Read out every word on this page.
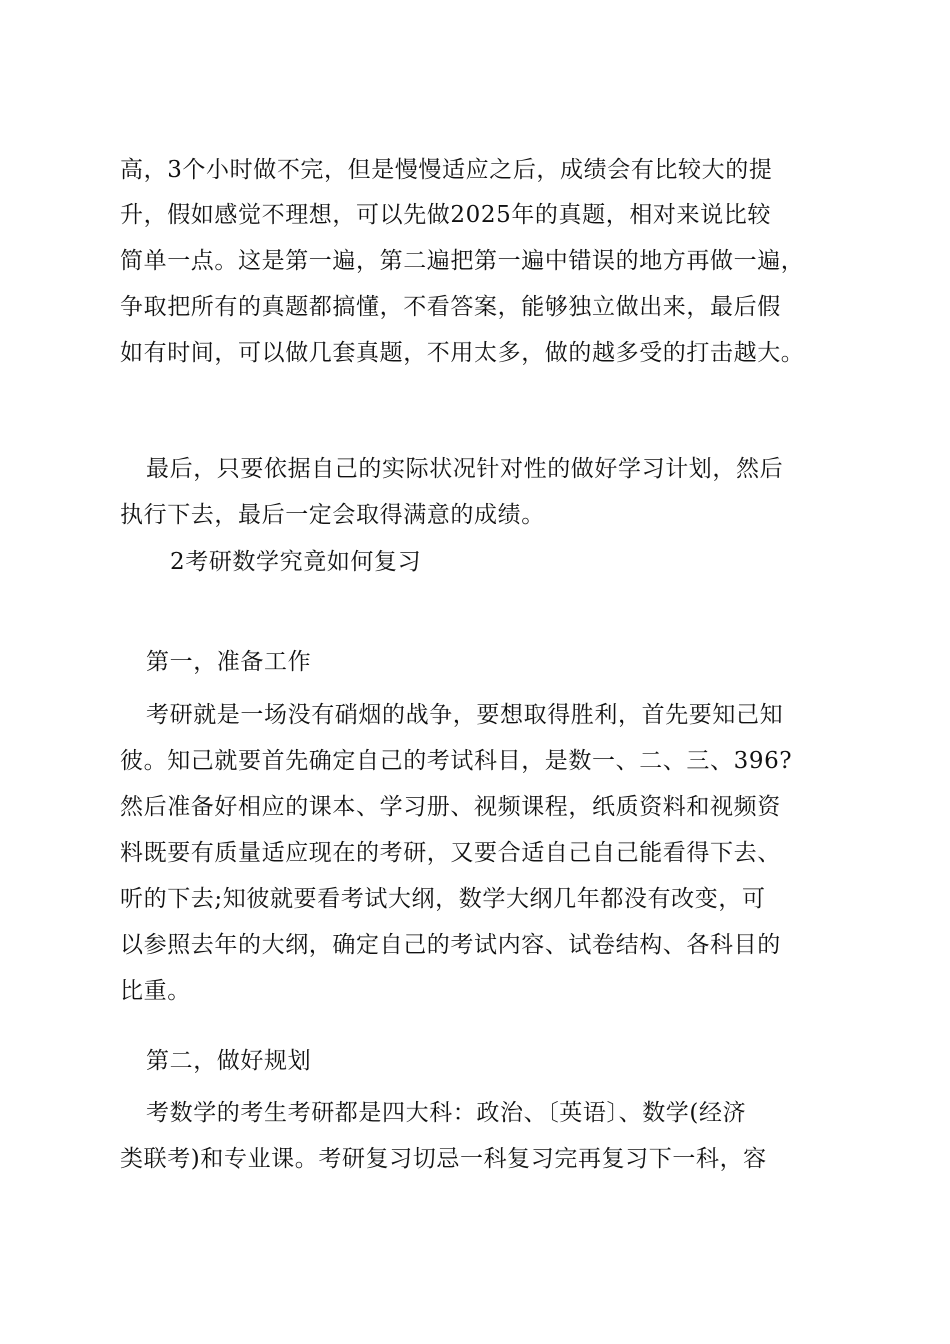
高，3个小时做不完，但是慢慢适应之后，成绩会有比较大的提
升，假如感觉不理想，可以先做2025年的真题，相对来说比较
简单一点。这是第一遍，第二遍把第一遍中错误的地方再做一遍，
争取把所有的真题都搞懂，不看答案，能够独立做出来，最后假
如有时间，可以做几套真题，不用太多，做的越多受的打击越大。
最后，只要依据自己的实际状况针对性的做好学习计划，然后
执行下去，最后一定会取得满意的成绩。
2考研数学究竟如何复习
第一，准备工作
考研就是一场没有硝烟的战争，要想取得胜利，首先要知己知
彼。知己就要首先确定自己的考试科目，是数一、二、三、396?
然后准备好相应的课本、学习册、视频课程，纸质资料和视频资
料既要有质量适应现在的考研，又要合适自己自己能看得下去、
听的下去;知彼就要看考试大纲，数学大纲几年都没有改变，可
以参照去年的大纲，确定自己的考试内容、试卷结构、各科目的
比重。
第二，做好规划
考数学的考生考研都是四大科：政治、〔英语〕、数学(经济
类联考)和专业课。考研复习切忌一科复习完再复习下一科，容
